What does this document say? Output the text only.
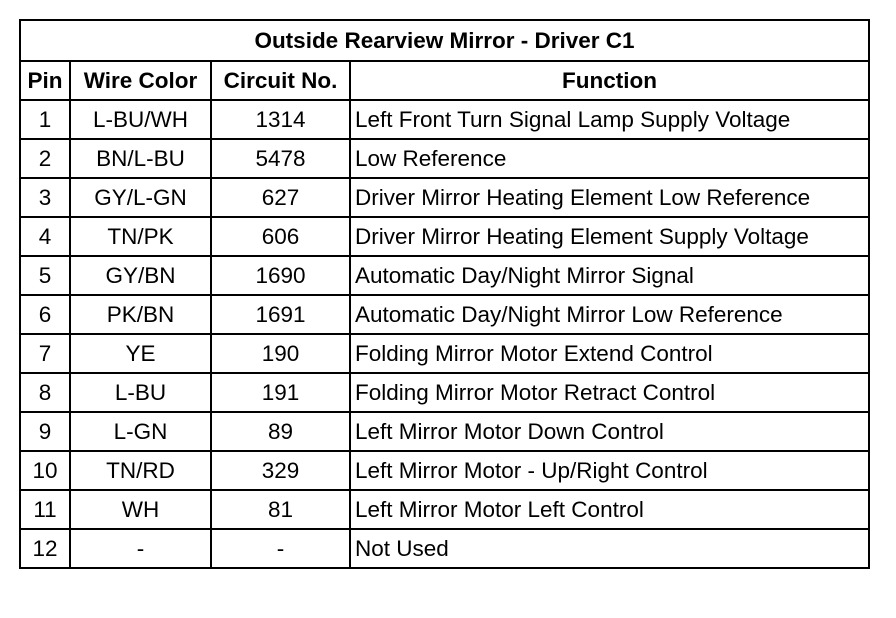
Outside Rearview Mirror - Driver C1			
Pin	Wire Color	Circuit No.	Function
1	L-BU/WH	1314	Left Front Turn Signal Lamp Supply Voltage
2	BN/L-BU	5478	Low Reference
3	GY/L-GN	627	Driver Mirror Heating Element Low Reference
4	TN/PK	606	Driver Mirror Heating Element Supply Voltage
5	GY/BN	1690	Automatic Day/Night Mirror Signal
6	PK/BN	1691	Automatic Day/Night Mirror Low Reference
7	YE	190	Folding Mirror Motor Extend Control
8	L-BU	191	Folding Mirror Motor Retract Control
9	L-GN	89	Left Mirror Motor Down Control
10	TN/RD	329	Left Mirror Motor - Up/Right Control
11	WH	81	Left Mirror Motor Left Control
12	-	-	Not Used
